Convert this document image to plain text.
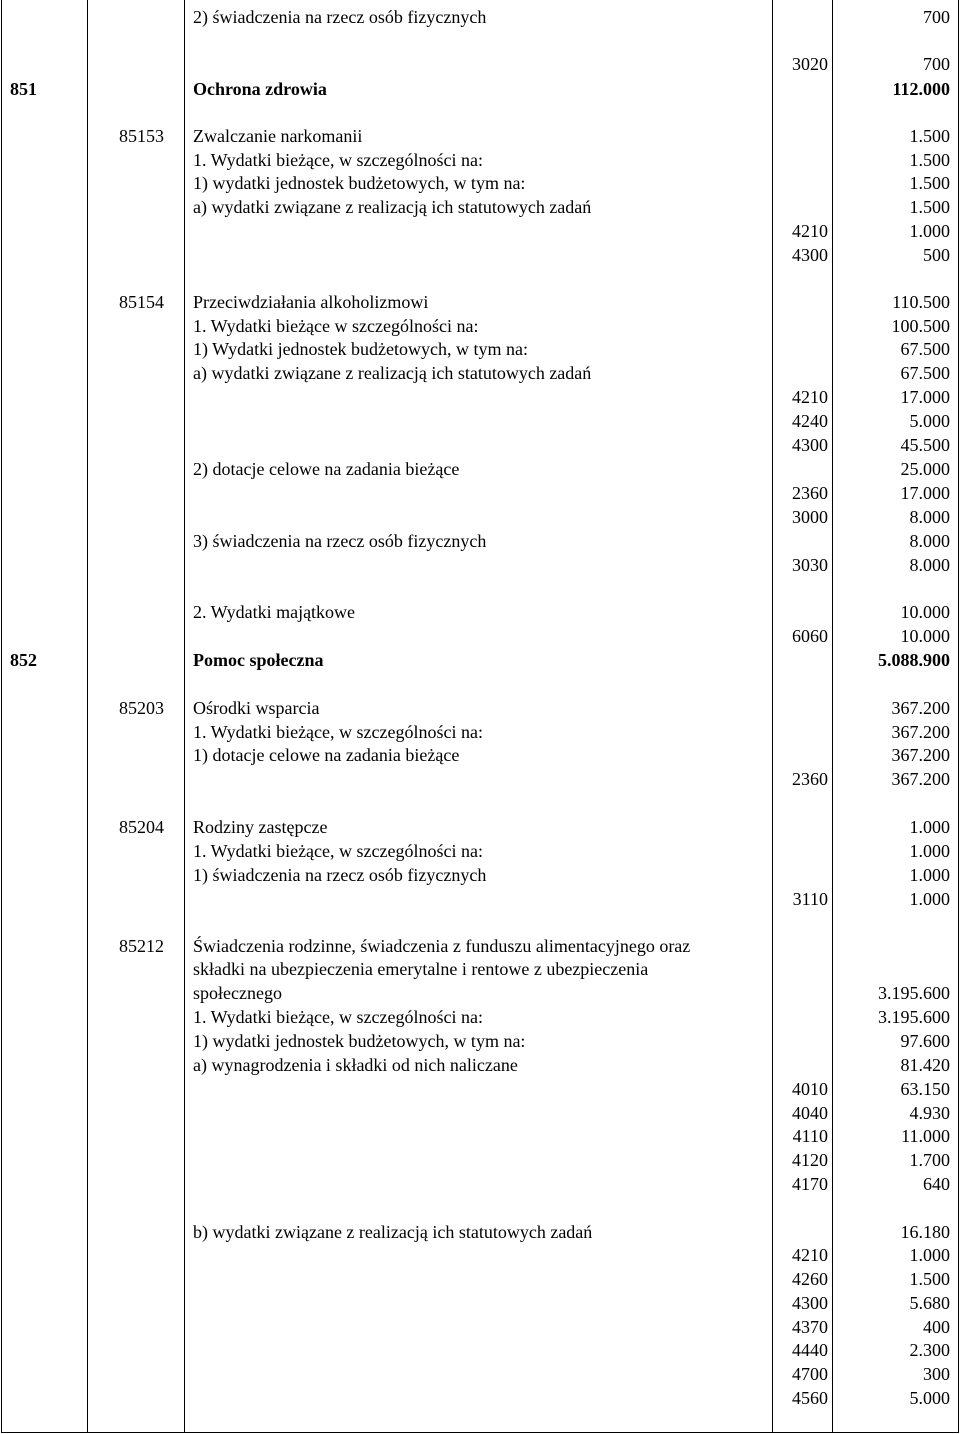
2) świadczenia na rzecz osób fizycznych	700
3020	700
851	Ochrona zdrowia	112.000
85153 Zwalczanie narkomanii	1.500
1. Wydatki bieżące, w szczególności na:	1.500
1) wydatki jednostek budżetowych, w tym na:	1.500
a) wydatki związane z realizacją ich statutowych zadań	1.500
4210	1.000
4300	500
85154 Przeciwdziałania alkoholizmowi	110.500
1. Wydatki bieżące w szczególności na:	100.500
1) Wydatki jednostek budżetowych, w tym na:	67.500
a) wydatki związane z realizacją ich statutowych zadań	67.500
4210	17.000
4240	5.000
4300	45.500
2) dotacje celowe na zadania bieżące	25.000
2360	17.000
3000	8.000
3) świadczenia na rzecz osób fizycznych	8.000
3030	8.000
2. Wydatki majątkowe	10.000
6060	10.000
852	Pomoc społeczna	5.088.900
85203 Ośrodki wsparcia	367.200
1. Wydatki bieżące, w szczególności na:	367.200
1) dotacje celowe na zadania bieżące	367.200
2360	367.200
85204 Rodziny zastępcze	1.000
1. Wydatki bieżące, w szczególności na:	1.000
1) świadczenia na rzecz osób fizycznych	1.000
3110	1.000
85212 Świadczenia rodzinne, świadczenia z funduszu alimentacyjnego oraz
składki na ubezpieczenia emerytalne i rentowe z ubezpieczenia
społecznego	3.195.600
1. Wydatki bieżące, w szczególności na:	3.195.600
1) wydatki jednostek budżetowych, w tym na:	97.600
a) wynagrodzenia i składki od nich naliczane	81.420
4010	63.150
4040	4.930
4110	11.000
4120	1.700
4170	640
b) wydatki związane z realizacją ich statutowych zadań	16.180
4210	1.000
4260	1.500
4300	5.680
4370	400
4440	2.300
4700	300
4560	5.000
